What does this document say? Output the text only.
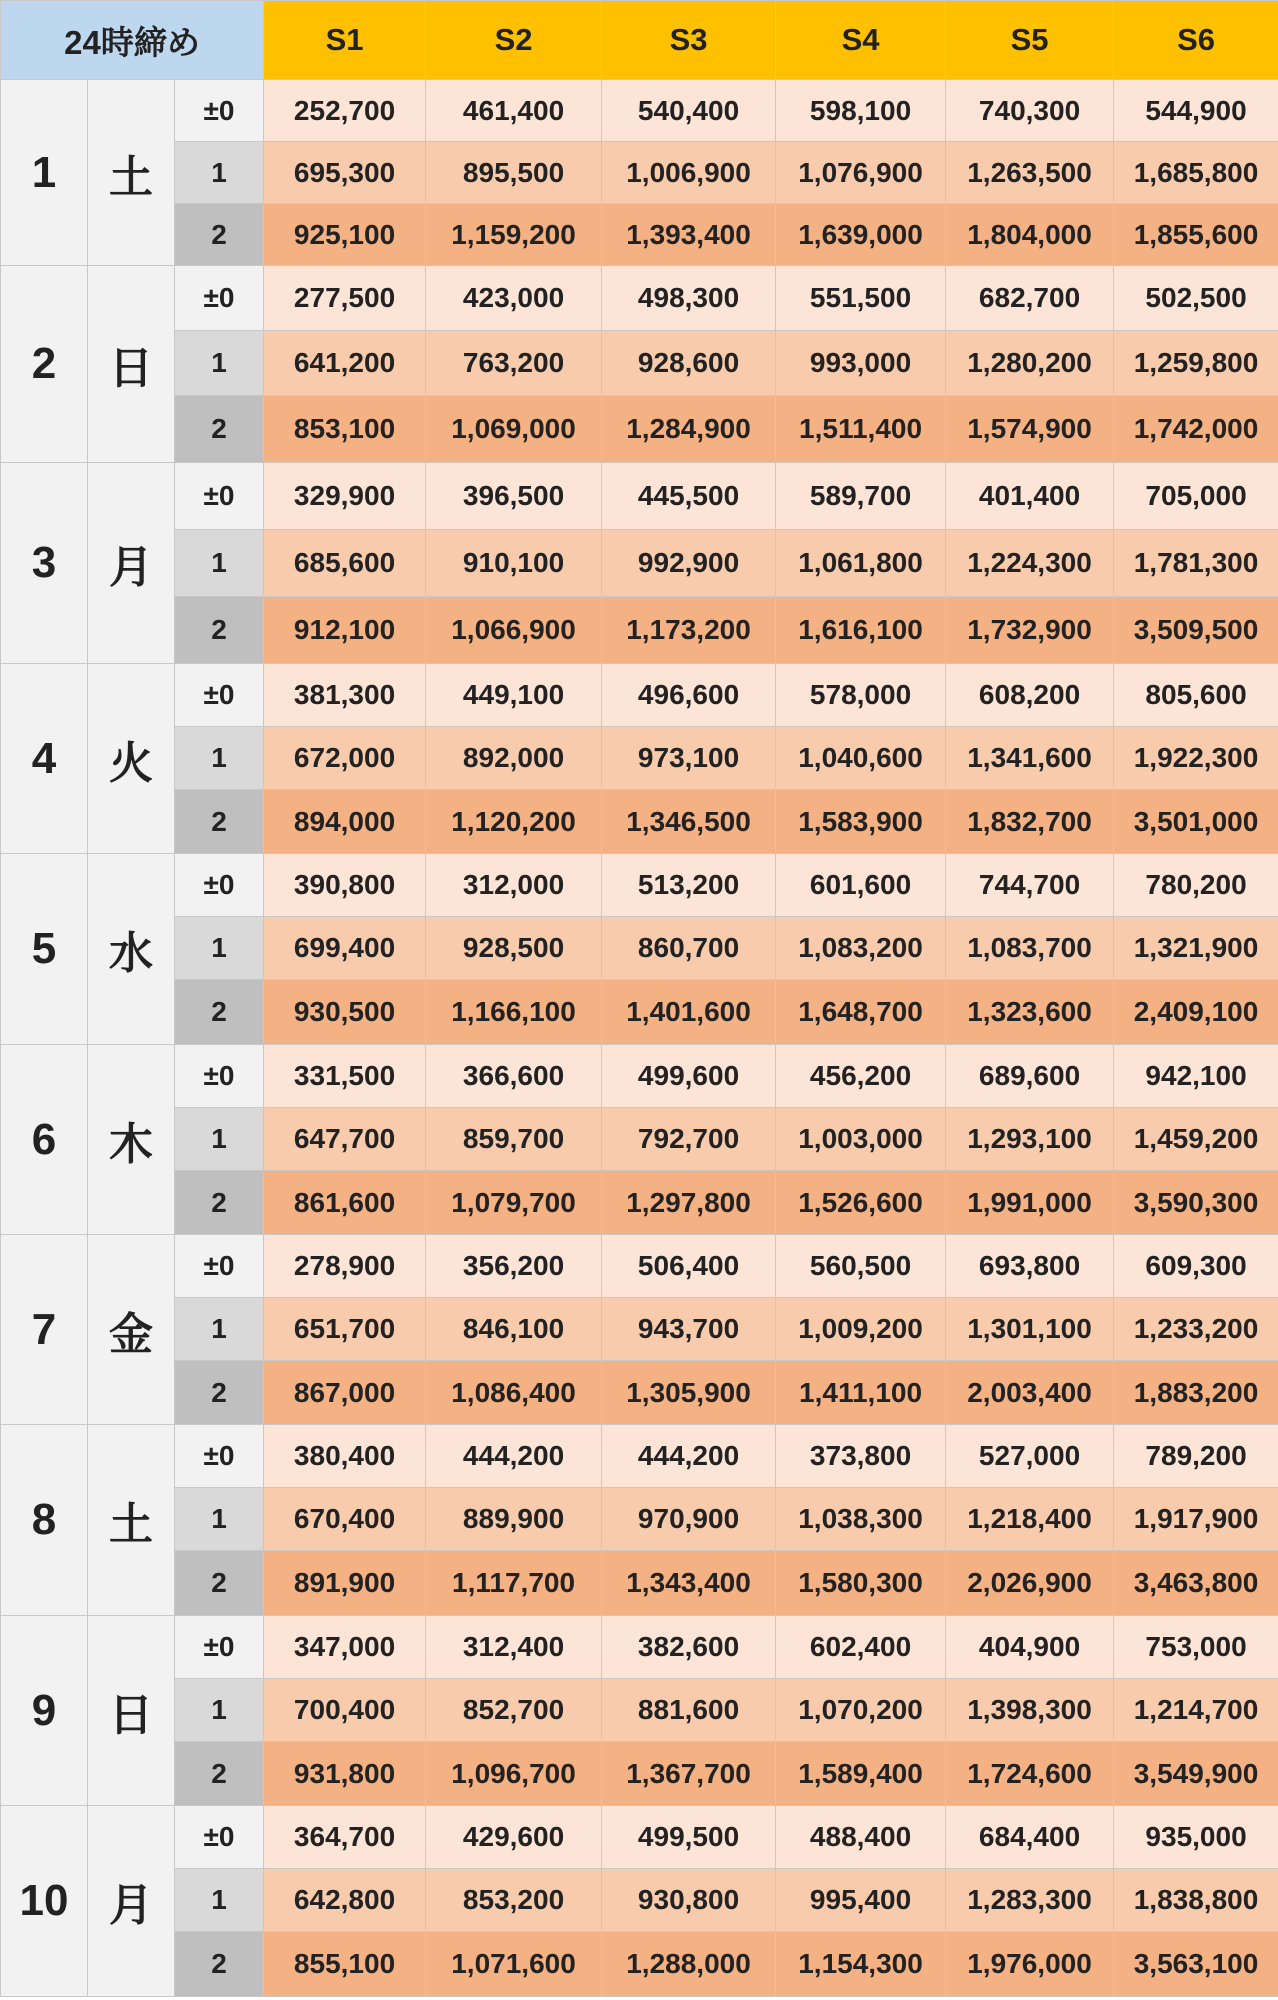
24時締め			S1	S2	S3	S4	S5	S6
1	土	±0	252,700	461,400	540,400	598,100	740,300	544,900
		1	695,300	895,500	1,006,900	1,076,900	1,263,500	1,685,800
		2	925,100	1,159,200	1,393,400	1,639,000	1,804,000	1,855,600
2	日	±0	277,500	423,000	498,300	551,500	682,700	502,500
		1	641,200	763,200	928,600	993,000	1,280,200	1,259,800
		2	853,100	1,069,000	1,284,900	1,511,400	1,574,900	1,742,000
3	月	±0	329,900	396,500	445,500	589,700	401,400	705,000
		1	685,600	910,100	992,900	1,061,800	1,224,300	1,781,300
		2	912,100	1,066,900	1,173,200	1,616,100	1,732,900	3,509,500
4	火	±0	381,300	449,100	496,600	578,000	608,200	805,600
		1	672,000	892,000	973,100	1,040,600	1,341,600	1,922,300
		2	894,000	1,120,200	1,346,500	1,583,900	1,832,700	3,501,000
5	水	±0	390,800	312,000	513,200	601,600	744,700	780,200
		1	699,400	928,500	860,700	1,083,200	1,083,700	1,321,900
		2	930,500	1,166,100	1,401,600	1,648,700	1,323,600	2,409,100
6	木	±0	331,500	366,600	499,600	456,200	689,600	942,100
		1	647,700	859,700	792,700	1,003,000	1,293,100	1,459,200
		2	861,600	1,079,700	1,297,800	1,526,600	1,991,000	3,590,300
7	金	±0	278,900	356,200	506,400	560,500	693,800	609,300
		1	651,700	846,100	943,700	1,009,200	1,301,100	1,233,200
		2	867,000	1,086,400	1,305,900	1,411,100	2,003,400	1,883,200
8	土	±0	380,400	444,200	444,200	373,800	527,000	789,200
		1	670,400	889,900	970,900	1,038,300	1,218,400	1,917,900
		2	891,900	1,117,700	1,343,400	1,580,300	2,026,900	3,463,800
9	日	±0	347,000	312,400	382,600	602,400	404,900	753,000
		1	700,400	852,700	881,600	1,070,200	1,398,300	1,214,700
		2	931,800	1,096,700	1,367,700	1,589,400	1,724,600	3,549,900
10	月	±0	364,700	429,600	499,500	488,400	684,400	935,000
		1	642,800	853,200	930,800	995,400	1,283,300	1,838,800
		2	855,100	1,071,600	1,288,000	1,154,300	1,976,000	3,563,100
